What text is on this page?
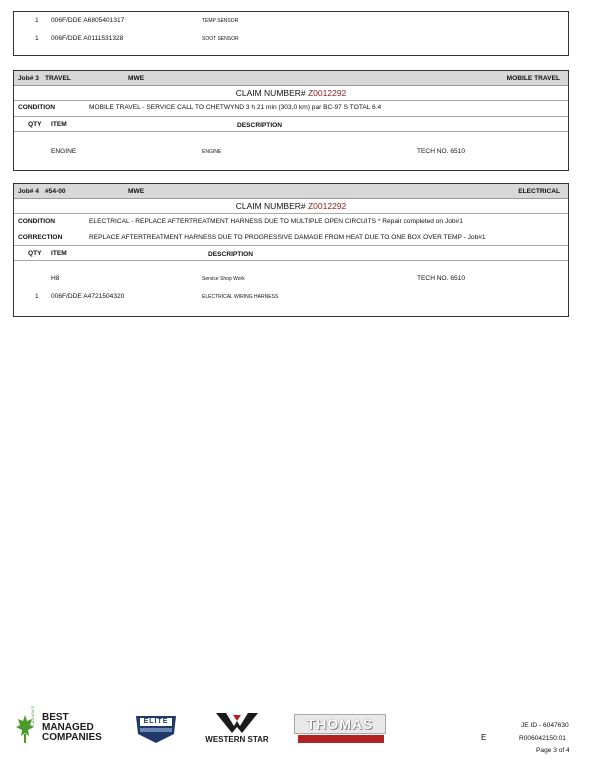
1 006F/DDE A6805401317	TEMP SENSOR
1 006F/DDE A0111531328	SOOT SENSOR
Job# 3 TRAVEL	MWE	MOBILE TRAVEL
CLAIM NUMBER# Z0012292
CONDITION	MOBILE TRAVEL - SERVICE CALL TO CHETWYND 3 h 21 min (303,0 km) par BC-97 S TOTAL 6.4
QTY ITEM	DESCRIPTION
ENGINE	ENGINE	TECH NO. 6510
Job# 4 #54-00	MWE	ELECTRICAL
CLAIM NUMBER# Z0012292
CONDITION	ELECTRICAL - REPLACE AFTERTREATMENT HARNESS DUE TO MULTIPLE OPEN CIRCUITS * Repair completed on Job#1
CORRECTION	REPLACE AFTERTREATMENT HARNESS DUE TO PROGRESSIVE DAMAGE FROM HEAT DUE TO ONE BOX OVER TEMP - Job#1
QTY ITEM	DESCRIPTION
H8	Service Shop Work	TECH NO. 6510
1 006F/DDE A4721504320	ELECTRICAL WIRING HARNESS
CANADA'S BEST
MANAGED
COMPANIES
ELITE
WESTERN STAR
THOMAS
E
JE ID - 6047630
R006042150:01
Page 3 of 4
